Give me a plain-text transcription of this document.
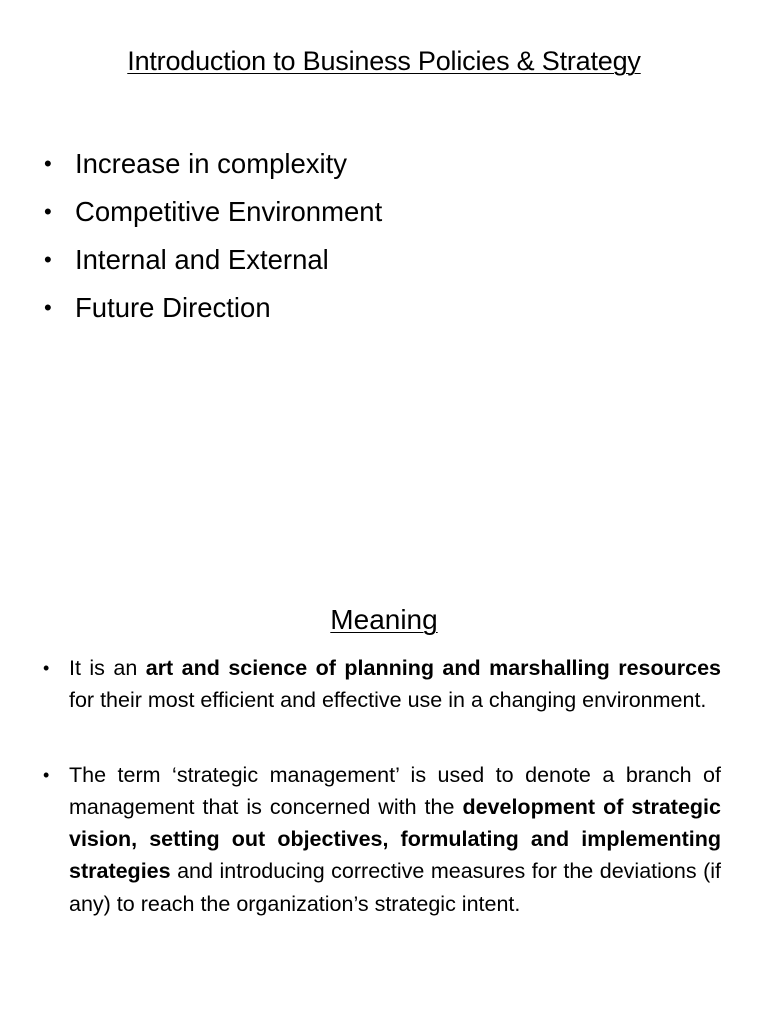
Introduction to Business Policies & Strategy
• Increase in complexity
• Competitive Environment
• Internal and External
• Future Direction
Meaning
• It is an art and science of planning and marshalling resources for their most efficient and effective use in a changing environment.
• The term ‘strategic management’ is used to denote a branch of management that is concerned with the development of strategic vision, setting out objectives, formulating and implementing strategies and introducing corrective measures for the deviations (if any) to reach the organization’s strategic intent.
